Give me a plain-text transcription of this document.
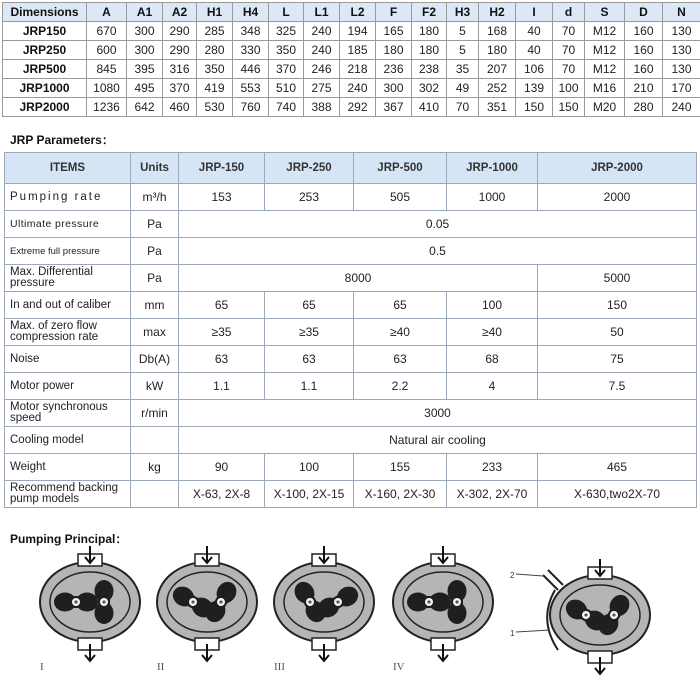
Dimensions	A	A1	A2	H1	H4	L	L1	L2	F	F2	H3	H2	I	d	S	D	N
JRP150	670	300	290	285	348	325	240	194	165	180	5	168	40	70	M12	160	130
JRP250	600	300	290	280	330	350	240	185	180	180	5	180	40	70	M12	160	130
JRP500	845	395	316	350	446	370	246	218	236	238	35	207	106	70	M12	160	130
JRP1000	1080	495	370	419	553	510	275	240	300	302	49	252	139	100	M16	210	170
JRP2000	1236	642	460	530	760	740	388	292	367	410	70	351	150	150	M20	280	240
JRP Parameters：
ITEMS	Units	JRP-150	JRP-250	JRP-500	JRP-1000	JRP-2000
Pumping rate	m³/h	153	253	505	1000	2000
Ultimate pressure	Pa	0.05				
Extreme full pressure	Pa	0.5				
Max. Differential pressure	Pa	8000				5000
In and out of caliber	mm	65	65	65	100	150
Max. of zero flow compression rate	max	≥35	≥35	≥40	≥40	50
Noise	Db(A)	63	63	63	68	75
Motor power	kW	1.1	1.1	2.2	4	7.5
Motor synchronous speed	r/min	3000				
Cooling model		Natural air cooling				
Weight	kg	90	100	155	233	465
Recommend backing pump models		X-63, 2X-8	X-100, 2X-15	X-160, 2X-30	X-302, 2X-70	X-630,two2X-70
Pumping Principal：
I	II	III	IV
2
1
